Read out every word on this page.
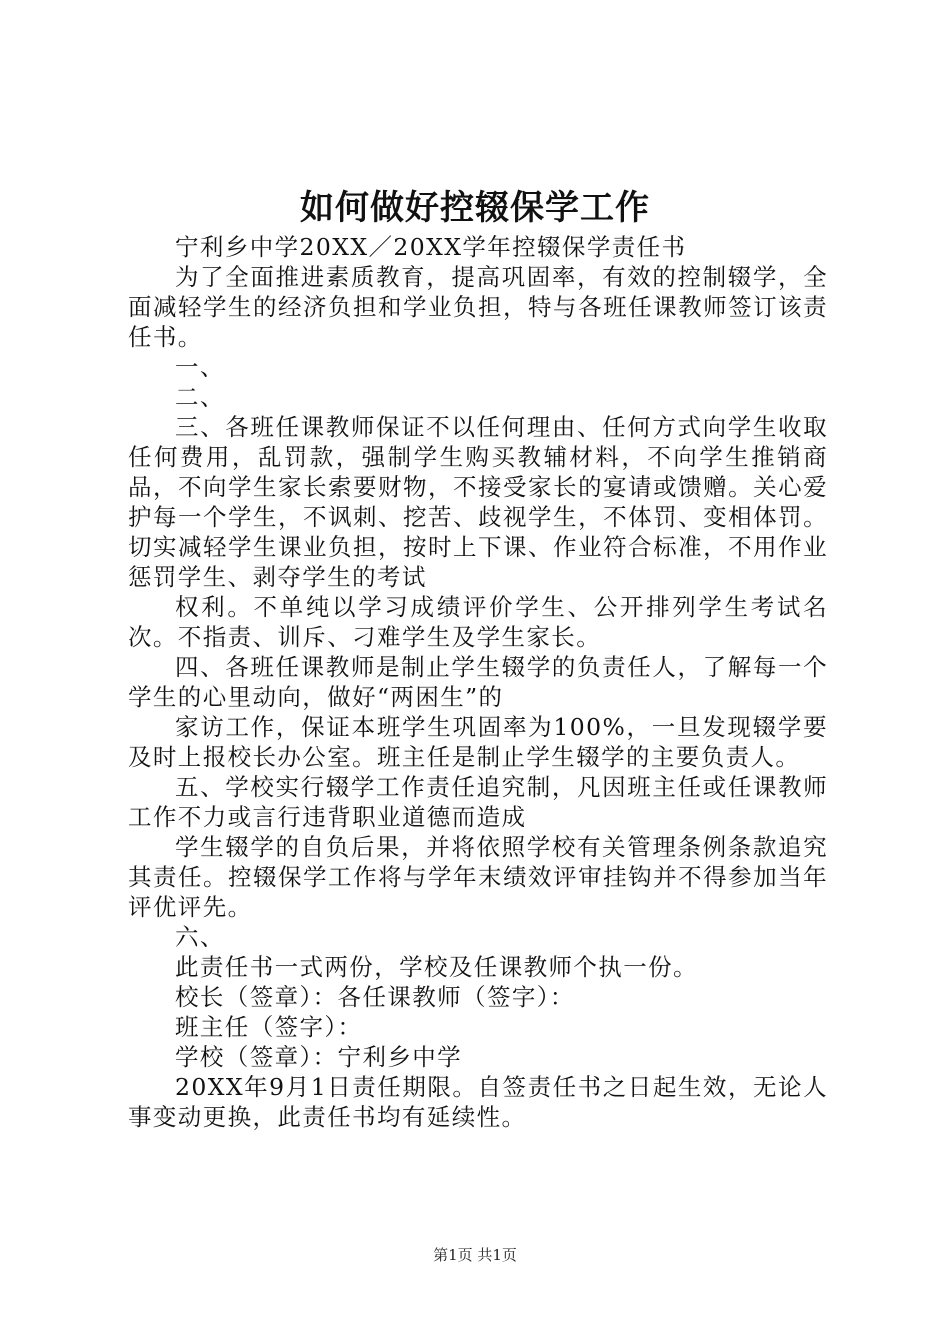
如何做好控辍保学工作

宁利乡中学20XX／20XX学年控辍保学责任书

为了全面推进素质教育，提高巩固率，有效的控制辍学，全面减轻学生的经济负担和学业负担，特与各班任课教师签订该责任书。

一、

二、

三、各班任课教师保证不以任何理由、任何方式向学生收取任何费用，乱罚款，强制学生购买教辅材料，不向学生推销商品，不向学生家长索要财物，不接受家长的宴请或馈赠。关心爱护每一个学生，不讽刺、挖苦、歧视学生，不体罚、变相体罚。切实减轻学生课业负担，按时上下课、作业符合标准，不用作业惩罚学生、剥夺学生的考试

权利。不单纯以学习成绩评价学生、公开排列学生考试名次。不指责、训斥、刁难学生及学生家长。

四、各班任课教师是制止学生辍学的负责任人，了解每一个学生的心里动向，做好“两困生”的

家访工作，保证本班学生巩固率为100%，一旦发现辍学要及时上报校长办公室。班主任是制止学生辍学的主要负责人。

五、学校实行辍学工作责任追究制，凡因班主任或任课教师工作不力或言行违背职业道德而造成

学生辍学的自负后果，并将依照学校有关管理条例条款追究其责任。控辍保学工作将与学年末绩效评审挂钩并不得参加当年评优评先。

六、

此责任书一式两份，学校及任课教师个执一份。

校长（签章）：各任课教师（签字）：

班主任（签字）：

学校（签章）：宁利乡中学

20XX年9月1日责任期限。自签责任书之日起生效，无论人事变动更换，此责任书均有延续性。

第1页 共1页
